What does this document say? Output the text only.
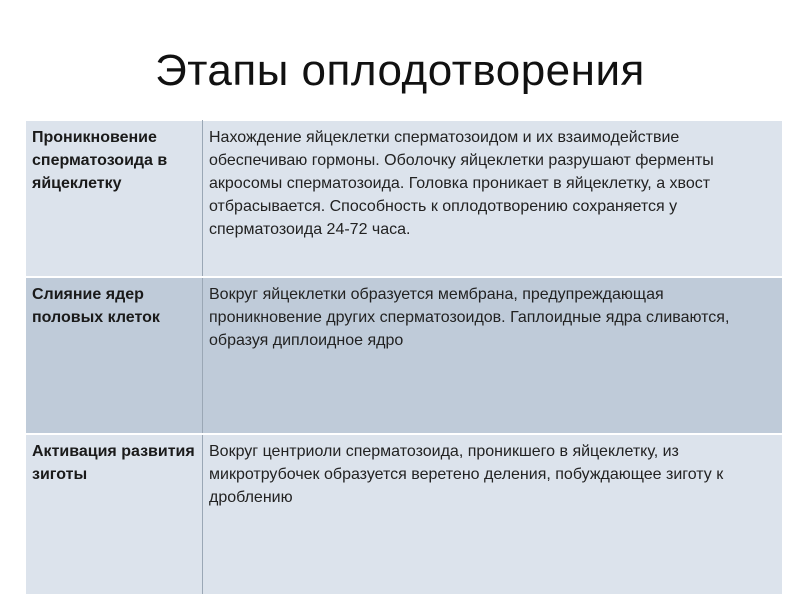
Этапы оплодотворения
Проникновение сперматозоида в яйцеклетку	Нахождение яйцеклетки сперматозоидом и их взаимодействие обеспечиваю гормоны. Оболочку яйцеклетки разрушают ферменты акросомы сперматозоида. Головка проникает в яйцеклетку, а хвост отбрасывается. Способность к оплодотворению сохраняется у сперматозоида 24-72 часа.
Слияние ядер половых клеток	Вокруг яйцеклетки образуется мембрана, предупреждающая проникновение других сперматозоидов. Гаплоидные ядра сливаются, образуя диплоидное ядро
Активация развития зиготы	Вокруг центриоли сперматозоида, проникшего в яйцеклетку, из микротрубочек образуется веретено деления, побуждающее зиготу к дроблению
